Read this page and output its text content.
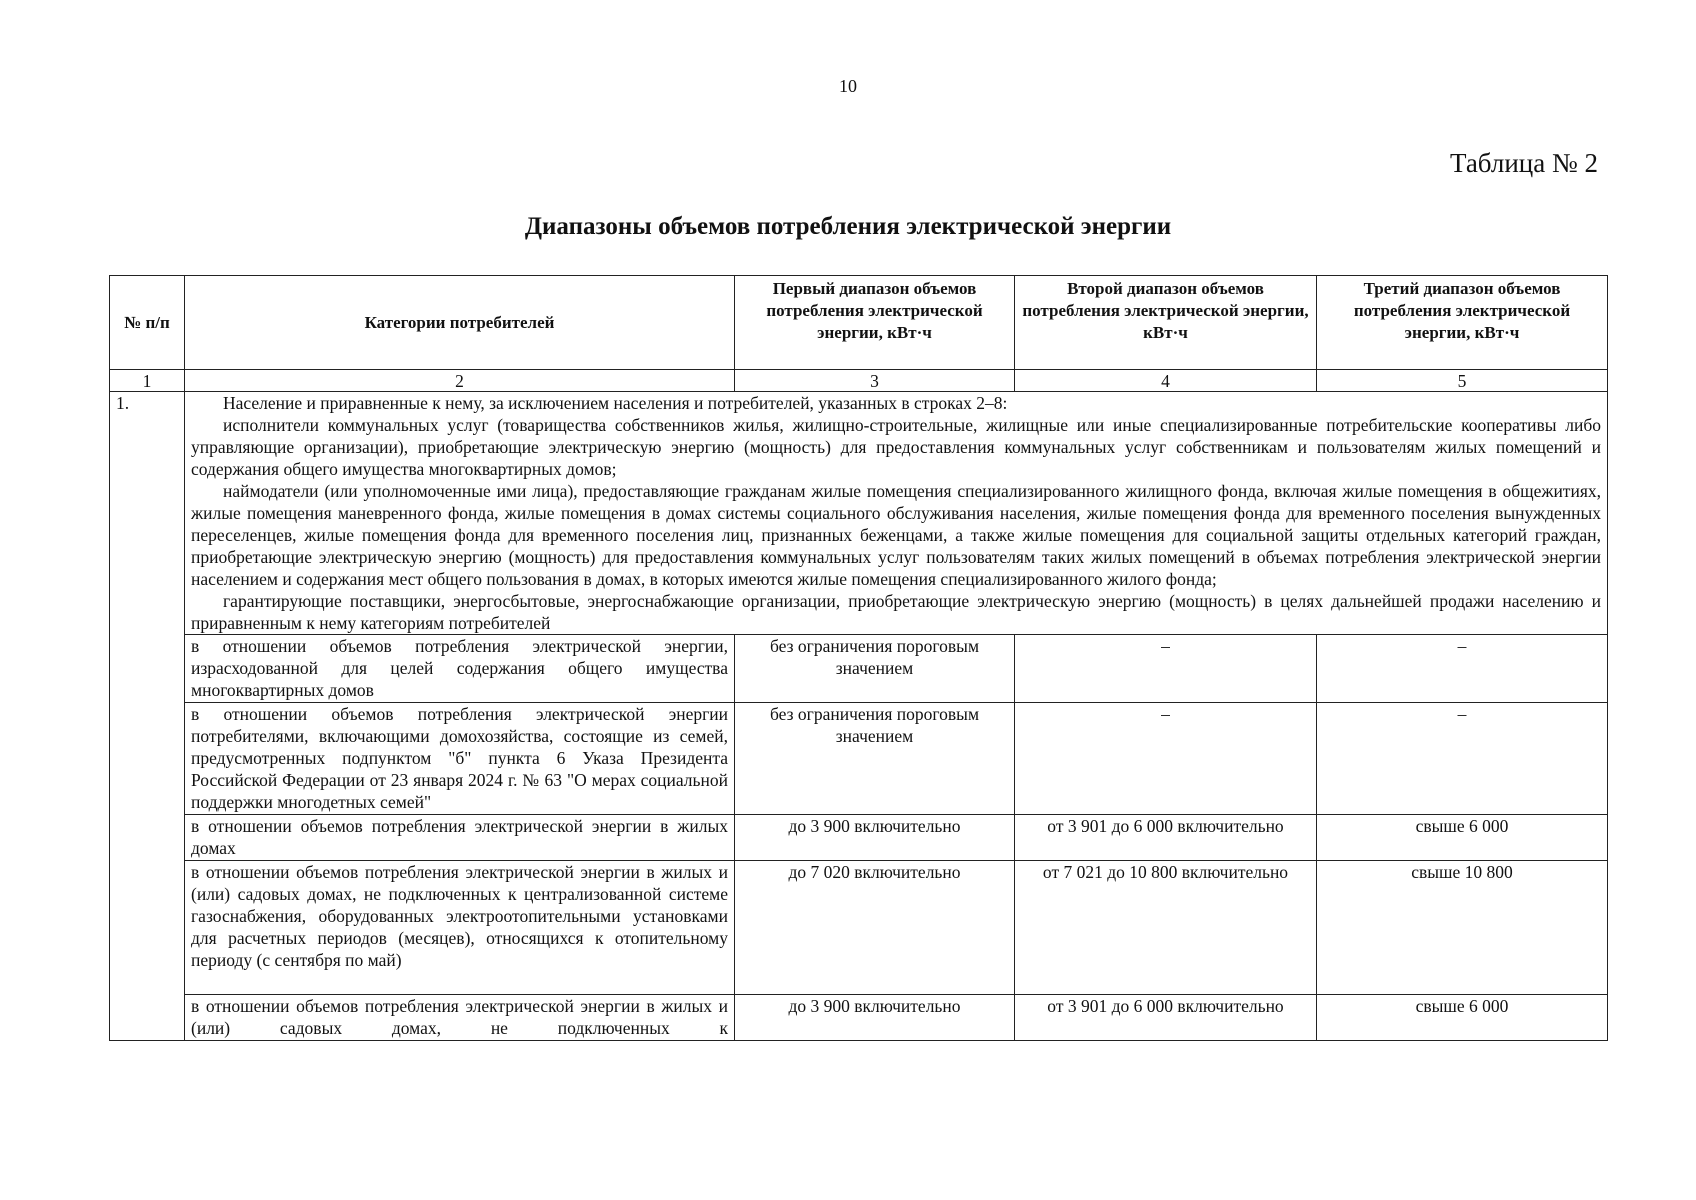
10
Таблица № 2
Диапазоны объемов потребления электрической энергии
№ п/п	Категории потребителей	Первый диапазон объемов потребления электрической энергии, кВт·ч	Второй диапазон объемов потребления электрической энергии, кВт·ч	Третий диапазон объемов потребления электрической энергии, кВт·ч
1	2	3	4	5
1.	Население и приравненные к нему, за исключением населения и потребителей, указанных в строках 2–8:

исполнители коммунальных услуг (товарищества собственников жилья, жилищно-строительные, жилищные или иные специализированные потребительские кооперативы либо управляющие организации), приобретающие электрическую энергию (мощность) для предоставления коммунальных услуг собственникам и пользователям жилых помещений и содержания общего имущества многоквартирных домов;

наймодатели (или уполномоченные ими лица), предоставляющие гражданам жилые помещения специализированного жилищного фонда, включая жилые помещения в общежитиях, жилые помещения маневренного фонда, жилые помещения в домах системы социального обслуживания населения, жилые помещения фонда для временного поселения вынужденных переселенцев, жилые помещения фонда для временного поселения лиц, признанных беженцами, а также жилые помещения для социальной защиты отдельных категорий граждан, приобретающие электрическую энергию (мощность) для предоставления коммунальных услуг пользователям таких жилых помещений в объемах потребления электрической энергии населением и содержания мест общего пользования в домах, в которых имеются жилые помещения специализированного жилого фонда;

гарантирующие поставщики, энергосбытовые, энергоснабжающие организации, приобретающие электрическую энергию (мощность) в целях дальнейшей продажи населению и приравненным к нему категориям потребителей			

	в отношении объемов потребления электрической энергии, израсходованной для целей содержания общего имущества многоквартирных домов	без ограничения пороговым значением	–	–
	в отношении объемов потребления электрической энергии потребителями, включающими домохозяйства, состоящие из семей, предусмотренных подпунктом "б" пункта 6 Указа Президента Российской Федерации от 23 января 2024 г. № 63 "О мерах социальной поддержки многодетных семей"	без ограничения пороговым значением	–	–
	в отношении объемов потребления электрической энергии в жилых домах	до 3 900 включительно	от 3 901 до 6 000 включительно	свыше 6 000
	в отношении объемов потребления электрической энергии в жилых и (или) садовых домах, не подключенных к централизованной системе газоснабжения, оборудованных электроотопительными установками для расчетных периодов (месяцев), относящихся к отопительному периоду (с сентября по май)	до 7 020 включительно	от 7 021 до 10 800 включительно	свыше 10 800
	в отношении объемов потребления электрической энергии в жилых и (или) садовых домах, не подключенных к	до 3 900 включительно	от 3 901 до 6 000 включительно	свыше 6 000
